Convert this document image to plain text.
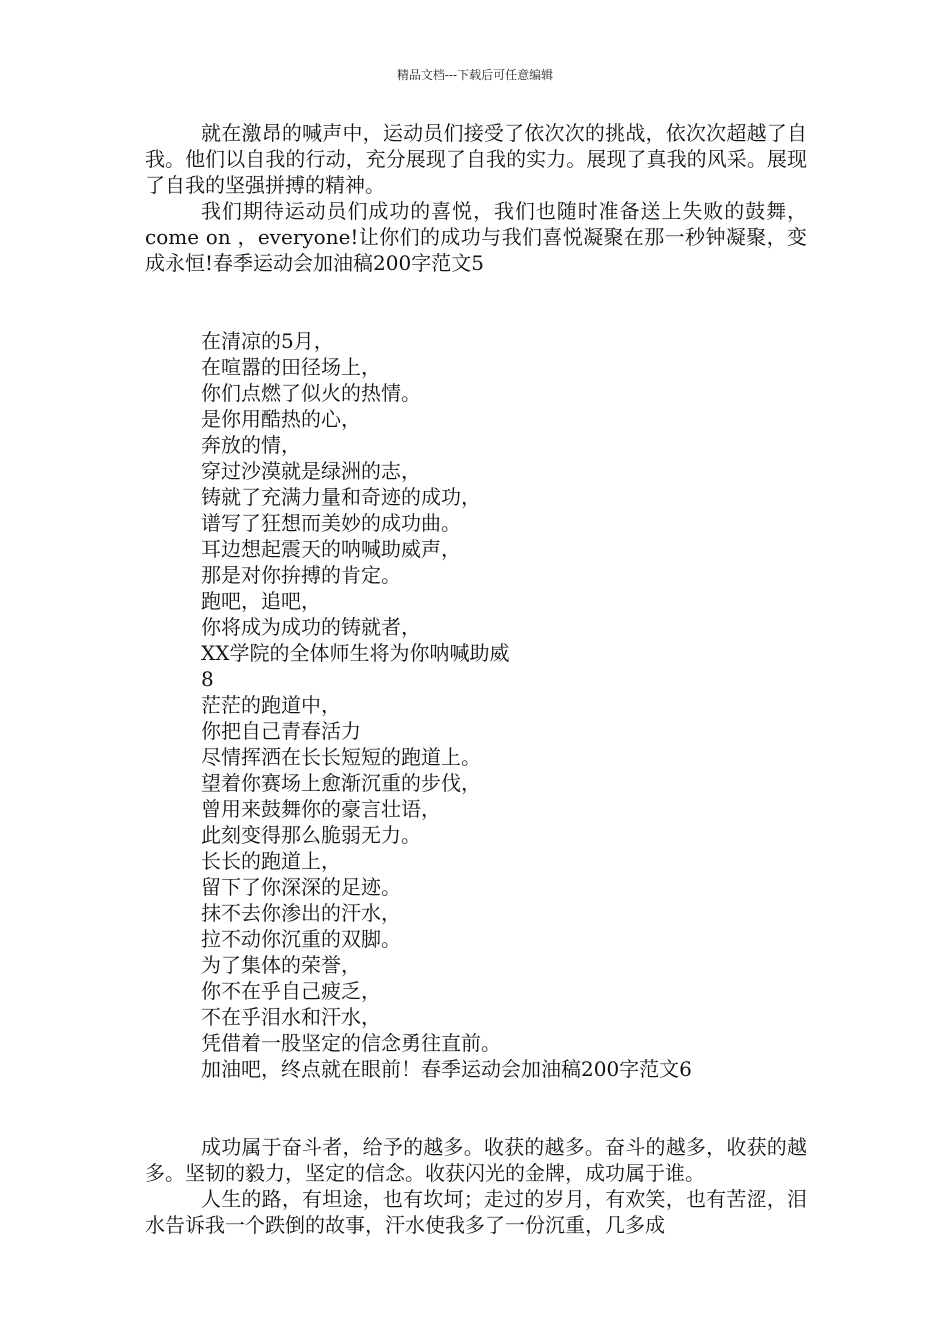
精品文档---下载后可任意编辑

就在激昂的喊声中，运动员们接受了依次次的挑战，依次次超越了自我。他们以自我的行动，充分展现了自我的实力。展现了真我的风采。展现了自我的坚强拼搏的精神。

我们期待运动员们成功的喜悦，我们也随时准备送上失败的鼓舞，come on ，everyone!让你们的成功与我们喜悦凝聚在那一秒钟凝聚，变成永恒!春季运动会加油稿200字范文5

在清凉的5月，
在喧嚣的田径场上，
你们点燃了似火的热情。
是你用酷热的心，
奔放的情，
穿过沙漠就是绿洲的志，
铸就了充满力量和奇迹的成功，
谱写了狂想而美妙的成功曲。
耳边想起震天的呐喊助威声，
那是对你拚搏的肯定。
跑吧，追吧，
你将成为成功的铸就者，
XX学院的全体师生将为你呐喊助威
8
茫茫的跑道中，
你把自己青春活力
尽情挥洒在长长短短的跑道上。
望着你赛场上愈渐沉重的步伐，
曾用来鼓舞你的豪言壮语，
此刻变得那么脆弱无力。
长长的跑道上，
留下了你深深的足迹。
抹不去你渗出的汗水，
拉不动你沉重的双脚。
为了集体的荣誉，
你不在乎自己疲乏，
不在乎泪水和汗水，
凭借着一股坚定的信念勇往直前。
加油吧，终点就在眼前！春季运动会加油稿200字范文6

成功属于奋斗者，给予的越多。收获的越多。奋斗的越多，收获的越多。坚韧的毅力，坚定的信念。收获闪光的金牌，成功属于谁。

人生的路，有坦途，也有坎坷；走过的岁月，有欢笑，也有苦涩，泪水告诉我一个跌倒的故事，汗水使我多了一份沉重，几多成
